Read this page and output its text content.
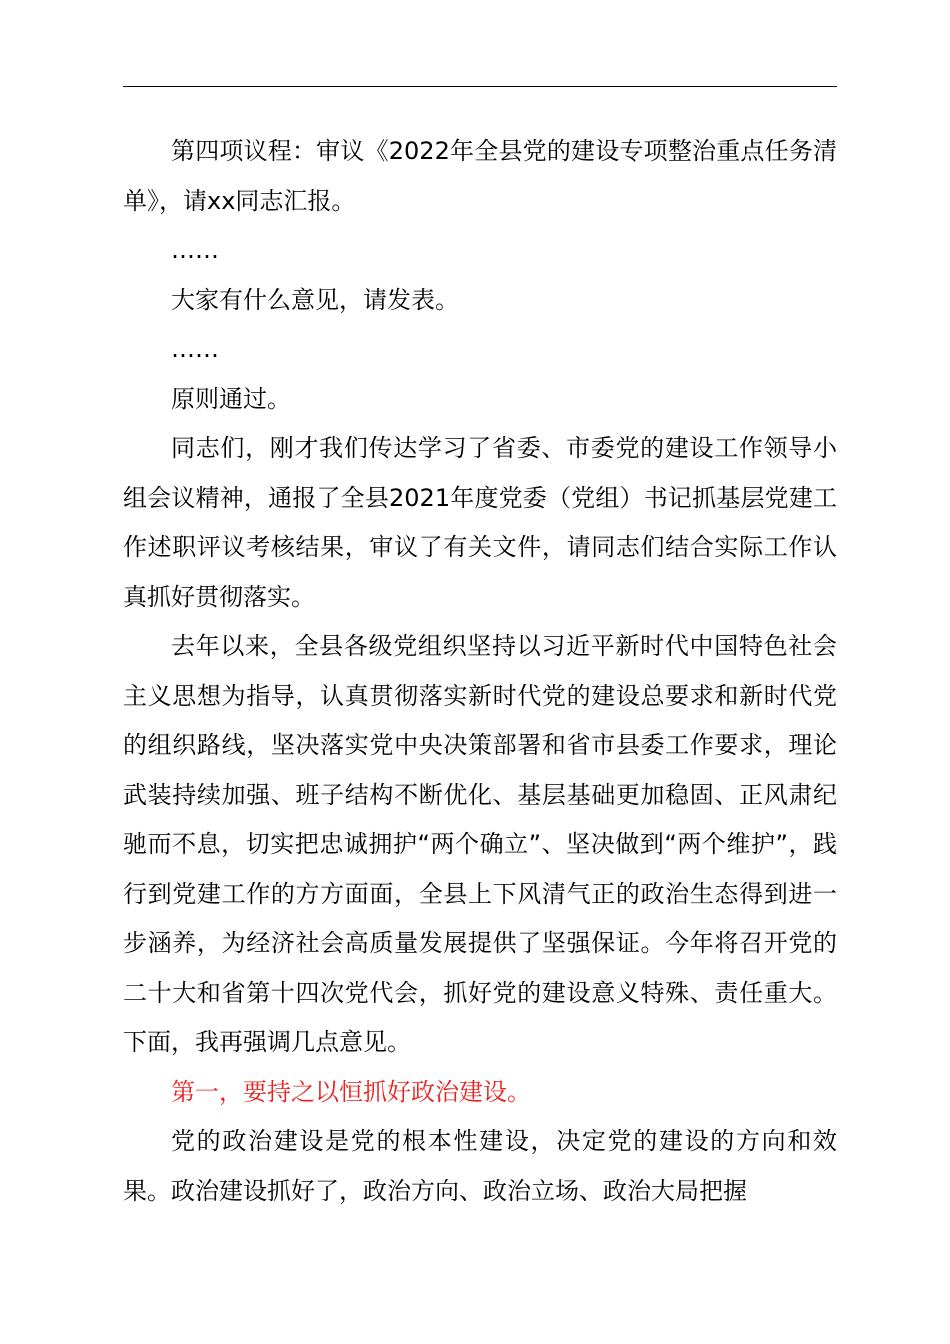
第四项议程：审议《2022年全县党的建设专项整治重点任务清单》，请xx同志汇报。

……

大家有什么意见，请发表。

……

原则通过。

同志们，刚才我们传达学习了省委、市委党的建设工作领导小组会议精神，通报了全县2021年度党委（党组）书记抓基层党建工作述职评议考核结果，审议了有关文件，请同志们结合实际工作认真抓好贯彻落实。

去年以来，全县各级党组织坚持以习近平新时代中国特色社会主义思想为指导，认真贯彻落实新时代党的建设总要求和新时代党的组织路线，坚决落实党中央决策部署和省市县委工作要求，理论武装持续加强、班子结构不断优化、基层基础更加稳固、正风肃纪驰而不息，切实把忠诚拥护“两个确立”、坚决做到“两个维护”，践行到党建工作的方方面面，全县上下风清气正的政治生态得到进一步涵养，为经济社会高质量发展提供了坚强保证。今年将召开党的二十大和省第十四次党代会，抓好党的建设意义特殊、责任重大。下面，我再强调几点意见。

第一，要持之以恒抓好政治建设。

党的政治建设是党的根本性建设，决定党的建设的方向和效果。政治建设抓好了，政治方向、政治立场、政治大局把握
